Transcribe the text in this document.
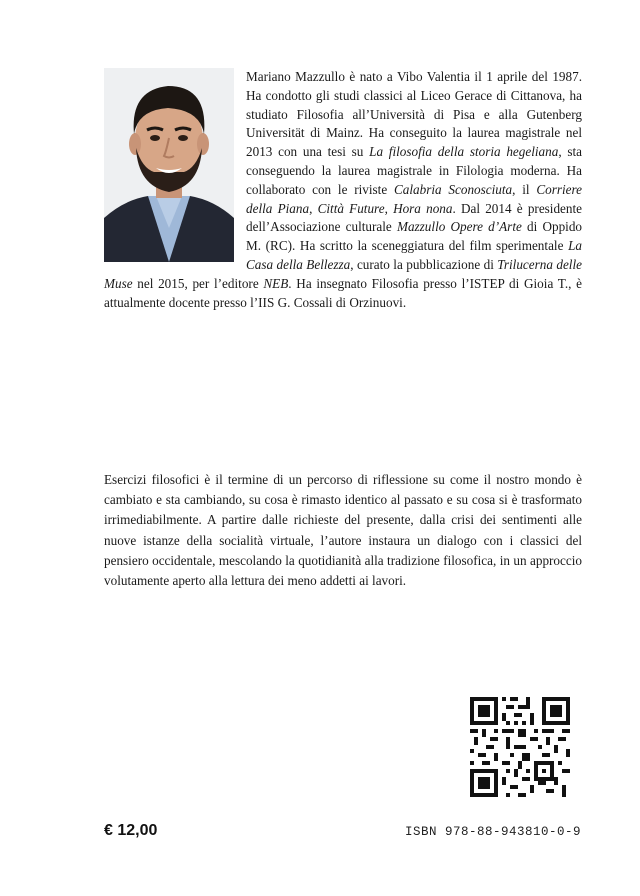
Mariano Mazzullo è nato a Vibo Valentia il 1 aprile del 1987. Ha condotto gli studi classici al Liceo Gerace di Cittanova, ha studiato Filosofia all’Università di Pisa e alla Gutenberg Universität di Mainz. Ha conseguito la laurea magistrale nel 2013 con una tesi su La filosofia della storia hegeliana, sta conseguendo la laurea magistrale in Filologia moderna. Ha collaborato con le riviste Calabria Sconosciuta, il Corriere della Piana, Città Future, Hora nona. Dal 2014 è presidente dell’Associazione culturale Mazzullo Opere d’Arte di Oppido M. (RC). Ha scritto la sceneggiatura del film sperimentale La Casa della Bellezza, curato la pubblicazione di Trilucerna delle Muse nel 2015, per l’editore NEB. Ha insegnato Filosofia presso l’ISTEP di Gioia T., è attualmente docente presso l’IIS G. Cossali di Orzinuovi.

Esercizi filosofici è il termine di un percorso di riflessione su come il nostro mondo è cambiato e sta cambiando, su cosa è rimasto identico al passato e su cosa si è trasformato irrimediabilmente. A partire dalle richieste del presente, dalla crisi dei sentimenti alle nuove istanze della socialità virtuale, l’autore instaura un dialogo con i classici del pensiero occidentale, mescolando la quotidianità alla tradizione filosofica, in un approccio volutamente aperto alla lettura dei meno addetti ai lavori.

€ 12,00	ISBN 978-88-943810-0-9
